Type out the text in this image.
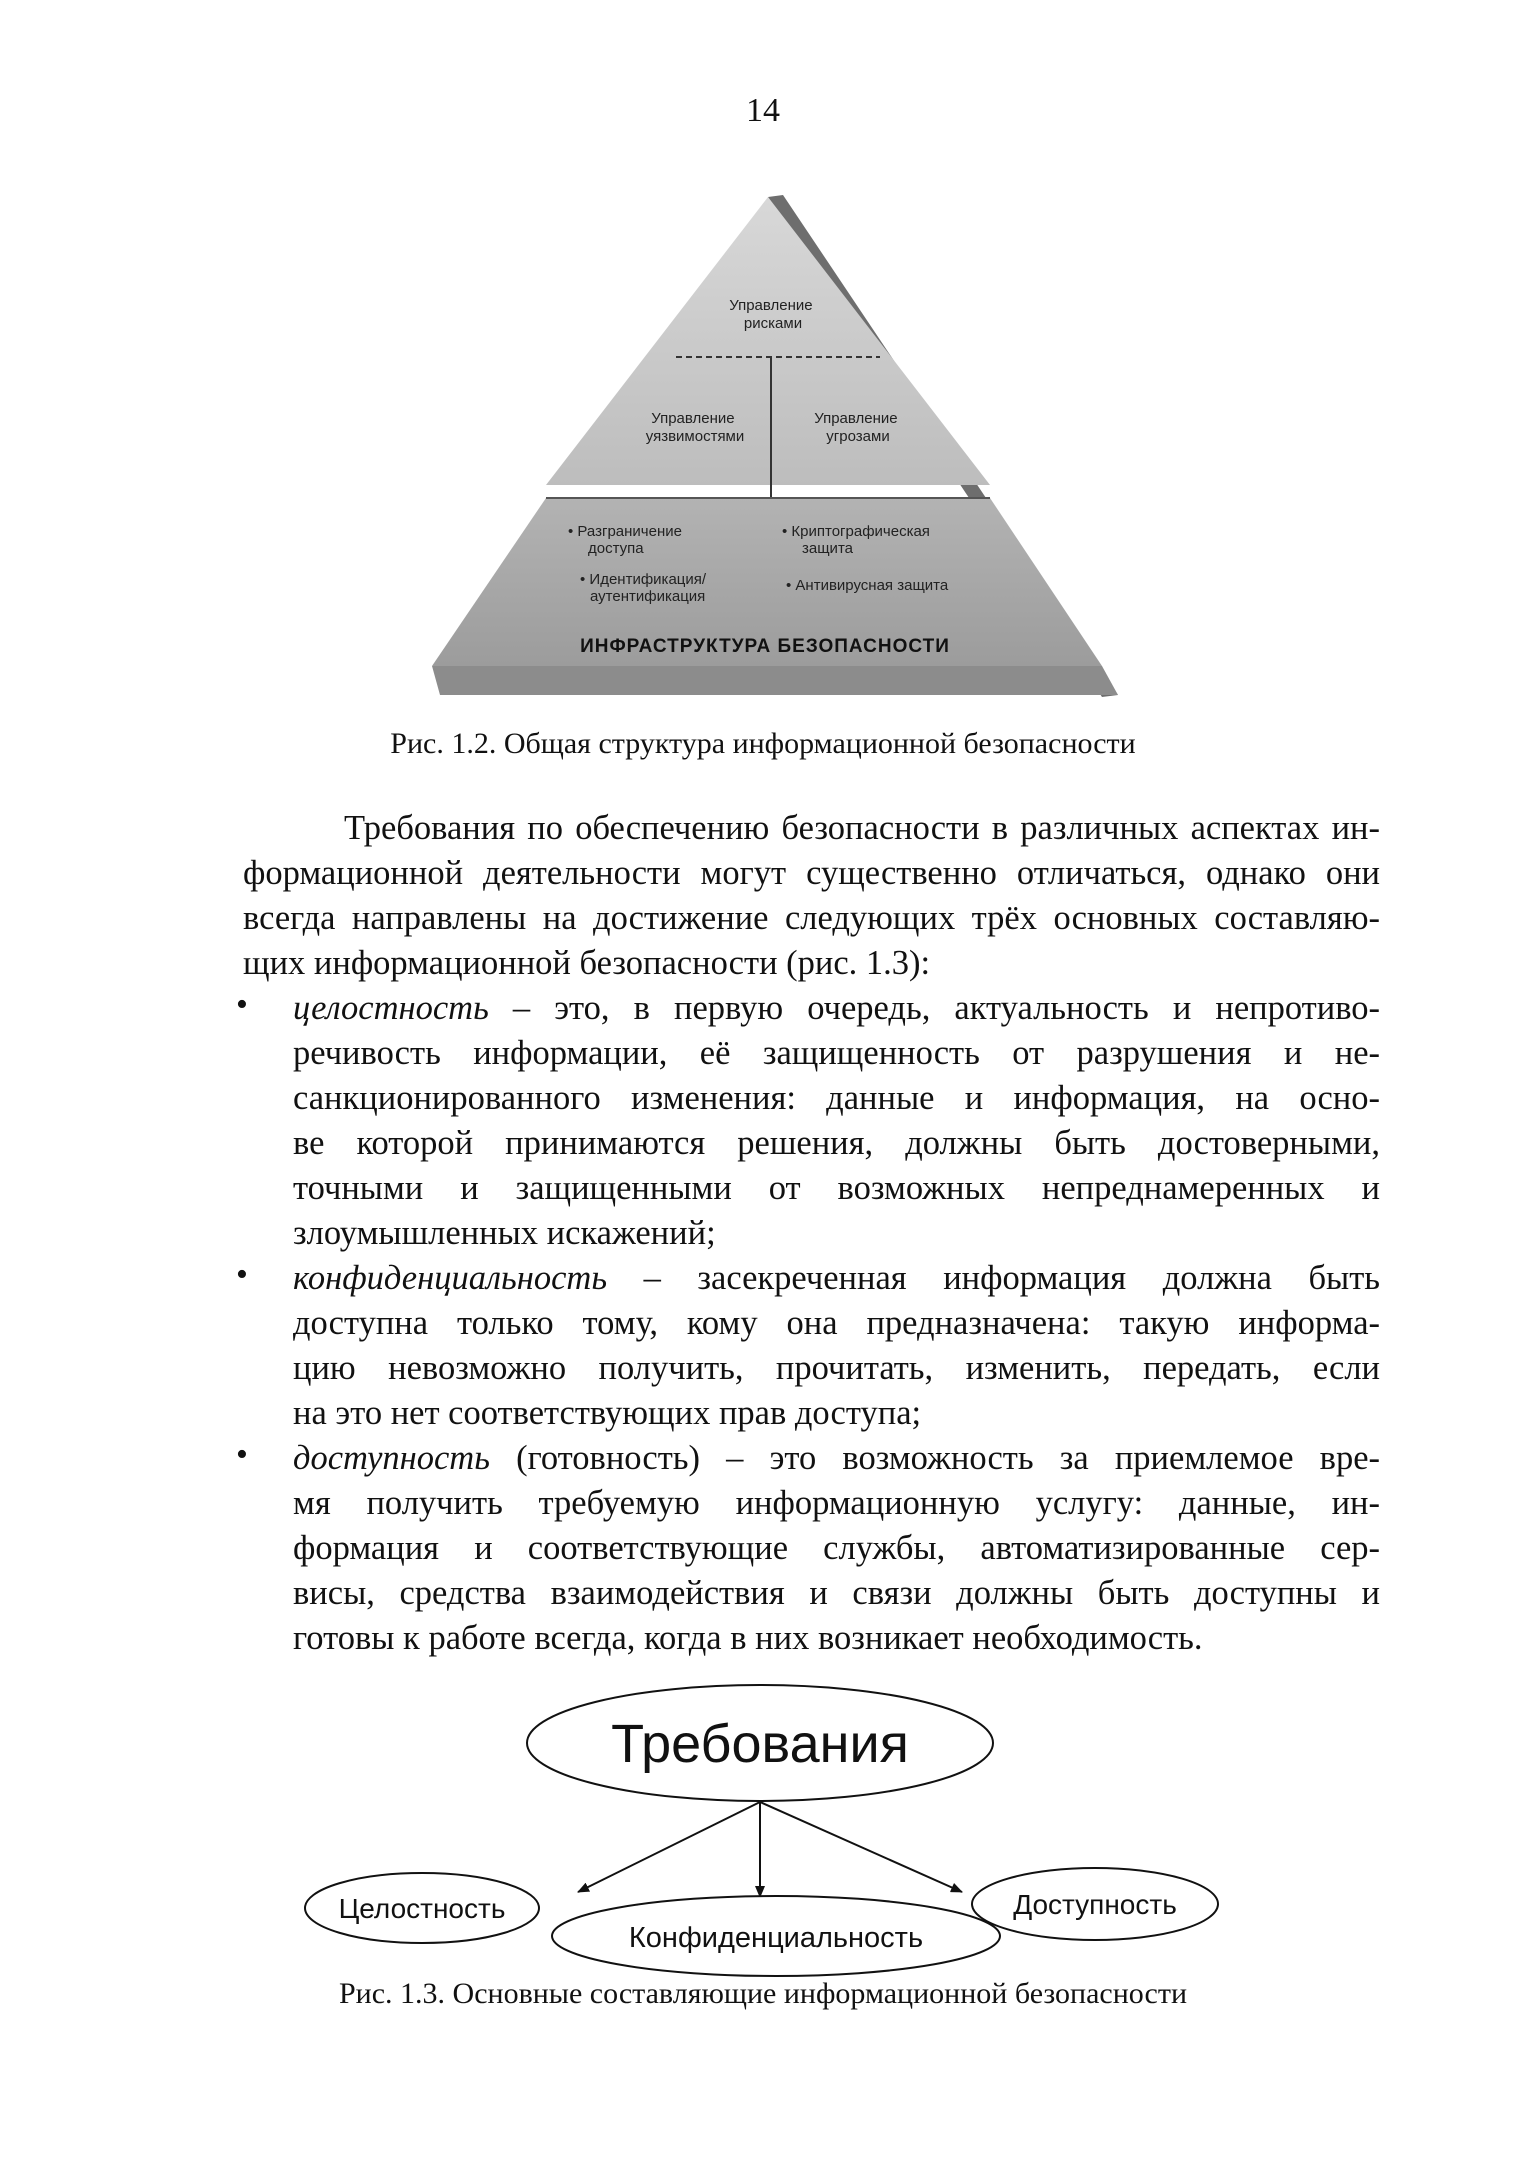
14
Управление рисками
Управление уязвимостями
Управление угрозами
• Разграничение доступа
• Криптографическая защита
• Идентификация/ аутентификация
• Антивирусная защита
ИНФРАСТРУКТУРА БЕЗОПАСНОСТИ
Рис. 1.2. Общая структура информационной безопасности
Требования по обеспечению безопасности в различных аспектах ин-
формационной деятельности могут существенно отличаться, однако они
всегда направлены на достижение следующих трёх основных составляю-
щих информационной безопасности (рис. 1.3):
• целостность – это, в первую очередь, актуальность и непротиво-
речивость информации, её защищенность от разрушения и не-
санкционированного изменения: данные и информация, на осно-
ве которой принимаются решения, должны быть достоверными,
точными и защищенными от возможных непреднамеренных и
злоумышленных искажений;
• конфиденциальность – засекреченная информация должна быть
доступна только тому, кому она предназначена: такую информа-
цию невозможно получить, прочитать, изменить, передать, если
на это нет соответствующих прав доступа;
• доступность (готовность) – это возможность за приемлемое вре-
мя получить требуемую информационную услугу: данные, ин-
формация и соответствующие службы, автоматизированные сер-
висы, средства взаимодействия и связи должны быть доступны и
готовы к работе всегда, когда в них возникает необходимость.
Требования
Целостность	Доступность
Конфиденциальность
Рис. 1.3. Основные составляющие информационной безопасности
